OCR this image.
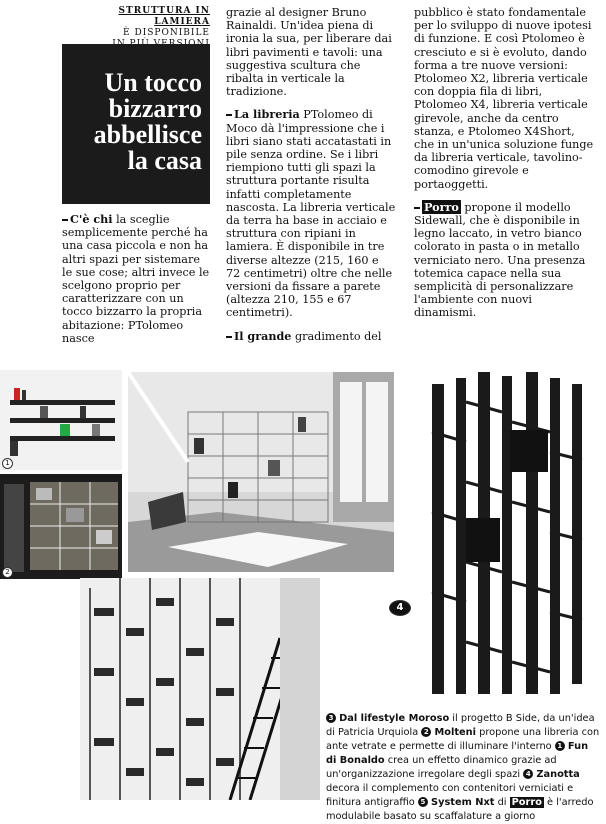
STRUTTURA IN LAMIERA
È DISPONIBILE
Un tocco
bizzarro
abbellisce
la casa

C'è chi la sceglie semplicemente perché ha una casa piccola e non ha altri spazi per sistemare le sue cose; altri invece le scelgono proprio per caratterizzare con un tocco bizzarro la propria abitazione: PTolomeo nasce

grazie al designer Bruno Rainaldi. Un'idea piena di ironia la sua, per liberare dai libri pavimenti e tavoli: una suggestiva scultura che ribalta in verticale la tradizione.

La libreria PTolomeo di Moco dà l'impressione che i libri siano stati accatastati in pile senza ordine. Se i libri riempiono tutti gli spazi la struttura portante risulta infatti completamente nascosta. La libreria verticale da terra ha base in acciaio e struttura con ripiani in lamiera. È disponibile in tre diverse altezze (215, 160 e 72 centimetri) oltre che nelle versioni da fissare a parete (altezza 210, 155 e 67 centimetri).

Il grande gradimento del

pubblico è stato fondamentale per lo sviluppo di nuove ipotesi di funzione. E così Ptolomeo è cresciuto e si è evoluto, dando forma a tre nuove versioni: Ptolomeo X2, libreria verticale con doppia fila di libri, Ptolomeo X4, libreria verticale girevole, anche da centro stanza, e Ptolomeo X4Short, che in un'unica soluzione funge da libreria verticale, tavolino-comodino girevole e portaoggetti.

Porro propone il modello Sidewall, che è disponibile in legno laccato, in vetro bianco colorato in pasta o in metallo verniciato nero. Una presenza totemica capace nella sua semplicità di personalizzare l'ambiente con nuovi dinamismi.

1
2
4
3 Dal lifestyle Moroso il progetto B Side, da un'idea di Patricia Urquiola 2 Molteni propone una libreria con ante vetrate e permette di illuminare l'interno 1 Fun di Bonaldo crea un effetto dinamico grazie ad un'organizzazione irregolare degli spazi 4 Zanotta decora il complemento con contenitori verniciati e finitura antigraffio 5 System Nxt di Porro è l'arredo modulabile basato su scaffalature a giorno
